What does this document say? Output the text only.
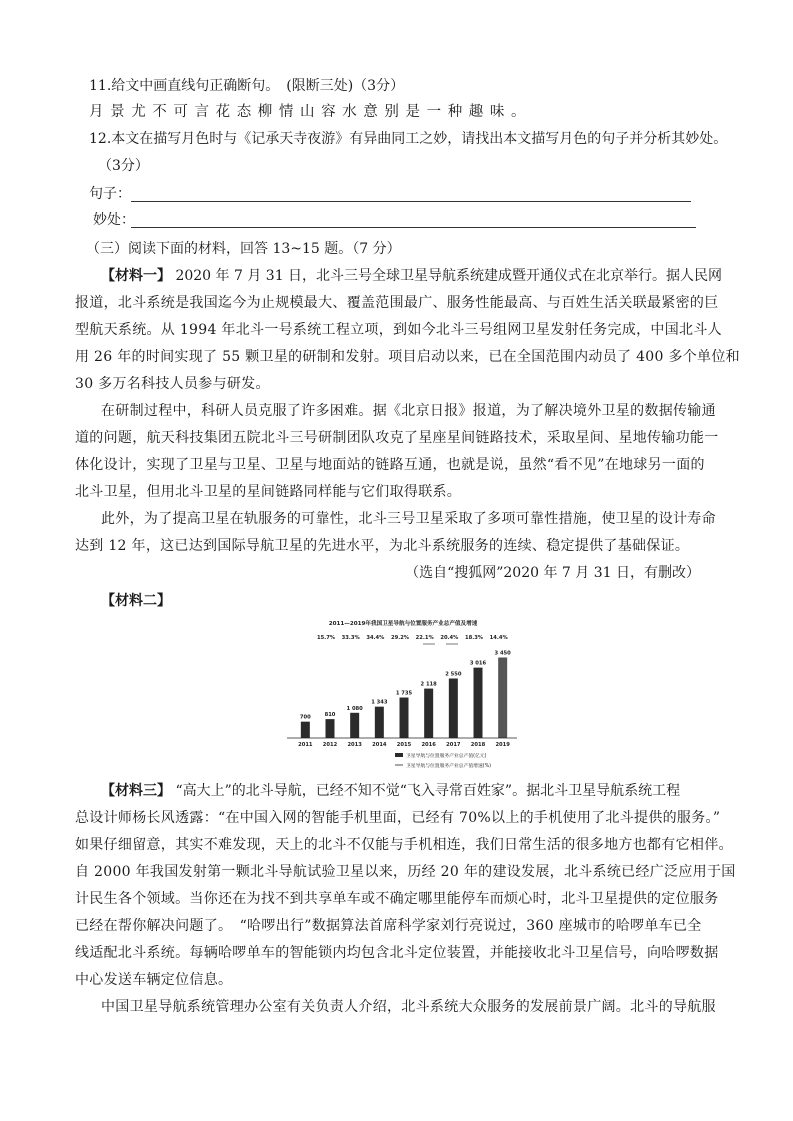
11.给文中画直线句正确断句。　(限断三处)（3分）
月景尤不可言花态柳情山容水意别是一种趣味。
12.本文在描写月色时与《记承天寺夜游》有异曲同工之妙，请找出本文描写月色的句子并分析其妙处。
（3分）
句子：
妙处：
（三）阅读下面的材料，回答 13~15 题。（7 分）
【材料一】 2020 年 7 月 31 日，北斗三号全球卫星导航系统建成暨开通仪式在北京举行。据人民网
报道，北斗系统是我国迄今为止规模最大、覆盖范围最广、服务性能最高、与百姓生活关联最紧密的巨
型航天系统。从 1994 年北斗一号系统工程立项，到如今北斗三号组网卫星发射任务完成，中国北斗人
用 26 年的时间实现了 55 颗卫星的研制和发射。项目启动以来，已在全国范围内动员了 400 多个单位和
30 多万名科技人员参与研发。
在研制过程中，科研人员克服了许多困难。据《北京日报》报道，为了解决境外卫星的数据传输通
道的问题，航天科技集团五院北斗三号研制团队攻克了星座星间链路技术，采取星间、星地传输功能一
体化设计，实现了卫星与卫星、卫星与地面站的链路互通，也就是说，虽然“看不见”在地球另一面的
北斗卫星，但用北斗卫星的星间链路同样能与它们取得联系。
此外，为了提高卫星在轨服务的可靠性，北斗三号卫星采取了多项可靠性措施，使卫星的设计寿命
达到 12 年，这已达到国际导航卫星的先进水平，为北斗系统服务的连续、稳定提供了基础保证。
（选自“搜狐网”2020 年 7 月 31 日，有删改）
【材料二】
2011—2019年我国卫星导航与位置服务产业总产值及增速
15.7% 33.3% 34.4% 29.2% 22.1% 20.4% 18.3% 14.4%
700	810
1 080
1 343
1 735
2 118
2 550
3 016
3 450
2011 2012 2013 2014 2015 2016 2017 2018 2019
卫星导航与位置服务产业总产值(亿元)
卫星导航与位置服务产业总产值增速(%)
【材料三】 “高大上”的北斗导航，已经不知不觉“飞入寻常百姓家”。据北斗卫星导航系统工程
总设计师杨长风透露：“在中国入网的智能手机里面，已经有 70%以上的手机使用了北斗提供的服务。”
如果仔细留意，其实不难发现，天上的北斗不仅能与手机相连，我们日常生活的很多地方也都有它相伴。
自 2000 年我国发射第一颗北斗导航试验卫星以来，历经 20 年的建设发展，北斗系统已经广泛应用于国
计民生各个领域。当你还在为找不到共享单车或不确定哪里能停车而烦心时，北斗卫星提供的定位服务
已经在帮你解决问题了。　“哈啰出行”数据算法首席科学家刘行亮说过，360 座城市的哈啰单车已全
线适配北斗系统。每辆哈啰单车的智能锁内均包含北斗定位装置，并能接收北斗卫星信号，向哈啰数据
中心发送车辆定位信息。
中国卫星导航系统管理办公室有关负责人介绍，北斗系统大众服务的发展前景广阔。北斗的导航服
